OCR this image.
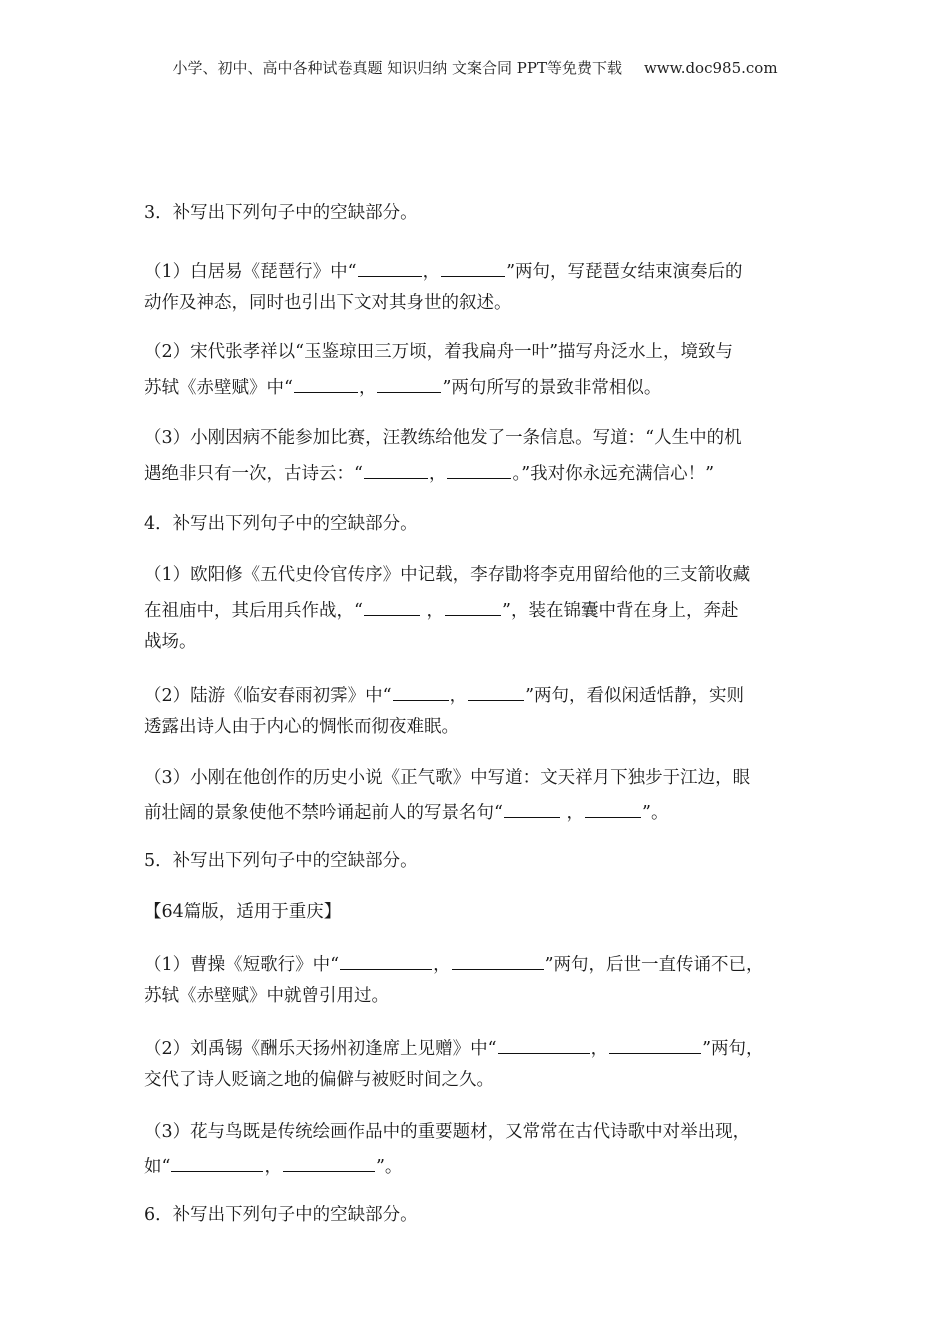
小学、初中、高中各种试卷真题 知识归纳 文案合同 PPT等免费下载 www.doc985.com
3．补写出下列句子中的空缺部分。
（1）白居易《琵琶行》中“	，	”两句，写琵琶女结束演奏后的
动作及神态，同时也引出下文对其身世的叙述。
（2）宋代张孝祥以“玉鉴琼田三万顷，着我扁舟一叶”描写舟泛水上，境致与
苏轼《赤壁赋》中“	，	”两句所写的景致非常相似。
（3）小刚因病不能参加比赛，汪教练给他发了一条信息。写道：“人生中的机
遇绝非只有一次，古诗云：“	，	。”我对你永远充满信心！”
4．补写出下列句子中的空缺部分。
（1）欧阳修《五代史伶官传序》中记载，李存勖将李克用留给他的三支箭收藏
在祖庙中，其后用兵作战，“	，	”，装在锦囊中背在身上，奔赴
战场。
（2）陆游《临安春雨初霁》中“	，	”两句，看似闲适恬静，实则
透露出诗人由于内心的惆怅而彻夜难眠。
（3）小刚在他创作的历史小说《正气歌》中写道：文天祥月下独步于江边，眼
前壮阔的景象使他不禁吟诵起前人的写景名句“	，	”。
5．补写出下列句子中的空缺部分。
【64篇版，适用于重庆】
（1）曹操《短歌行》中“	，	”两句，后世一直传诵不已，
苏轼《赤壁赋》中就曾引用过。
（2）刘禹锡《酬乐天扬州初逢席上见赠》中“	，	”两句，
交代了诗人贬谪之地的偏僻与被贬时间之久。
（3）花与鸟既是传统绘画作品中的重要题材，又常常在古代诗歌中对举出现，
如“	，	”。
6．补写出下列句子中的空缺部分。
